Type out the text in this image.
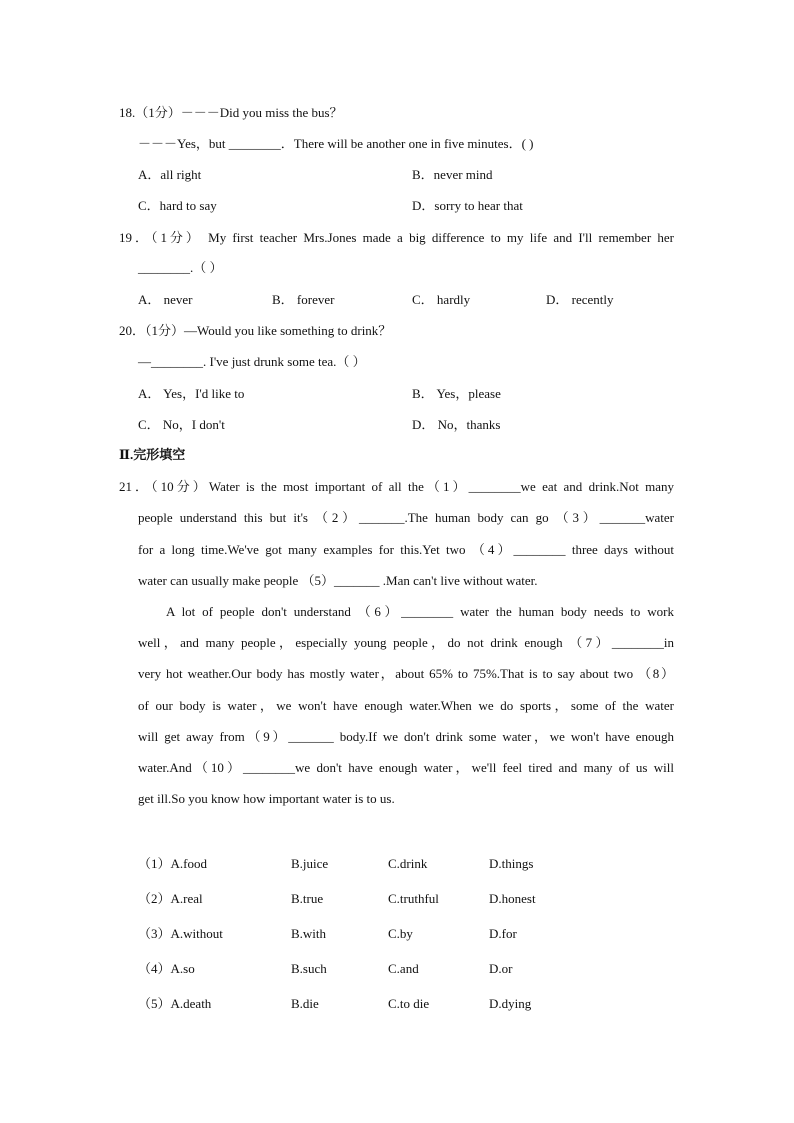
18.（1分）－－－Did you miss the bus？
－－－Yes，but ________．There will be another one in five minutes．( )
A．all right	B．never mind
C．hard to say	D．sorry to hear that
19．（1分） My first teacher Mrs.Jones made a big difference to my life and I'll remember her
________.（ ）
A． never	B． forever	C． hardly	D． recently
20．（1分）—Would you like something to drink？
—________. I've just drunk some tea.（ ）
A． Yes，I'd like to	B． Yes，please
C． No，I don't	D． No，thanks
Ⅱ.完形填空
21．（10分）Water is the most important of all the（1）________we eat and drink.Not many
people understand this but it's （2）_______.The human body can go （3）_______water
for a long time.We've got many examples for this.Yet two （4）________ three days without
water can usually make people （5）_______ .Man can't live without water.
A lot of people don't understand （6）________ water the human body needs to work
well，and many people，especially young people，do not drink enough （7）________in
very hot weather.Our body has mostly water，about 65% to 75%.That is to say about two （8）
of our body is water，we won't have enough water.When we do sports，some of the water
will get away from（9）_______ body.If we don't drink some water，we won't have enough
water.And（10）________we don't have enough water，we'll feel tired and many of us will
get ill.So you know how important water is to us.
（1）A.food	B.juice	C.drink	D.things
（2）A.real	B.true	C.truthful	D.honest
（3）A.without	B.with	C.by	D.for
（4）A.so	B.such	C.and	D.or
（5）A.death	B.die	C.to die	D.dying
